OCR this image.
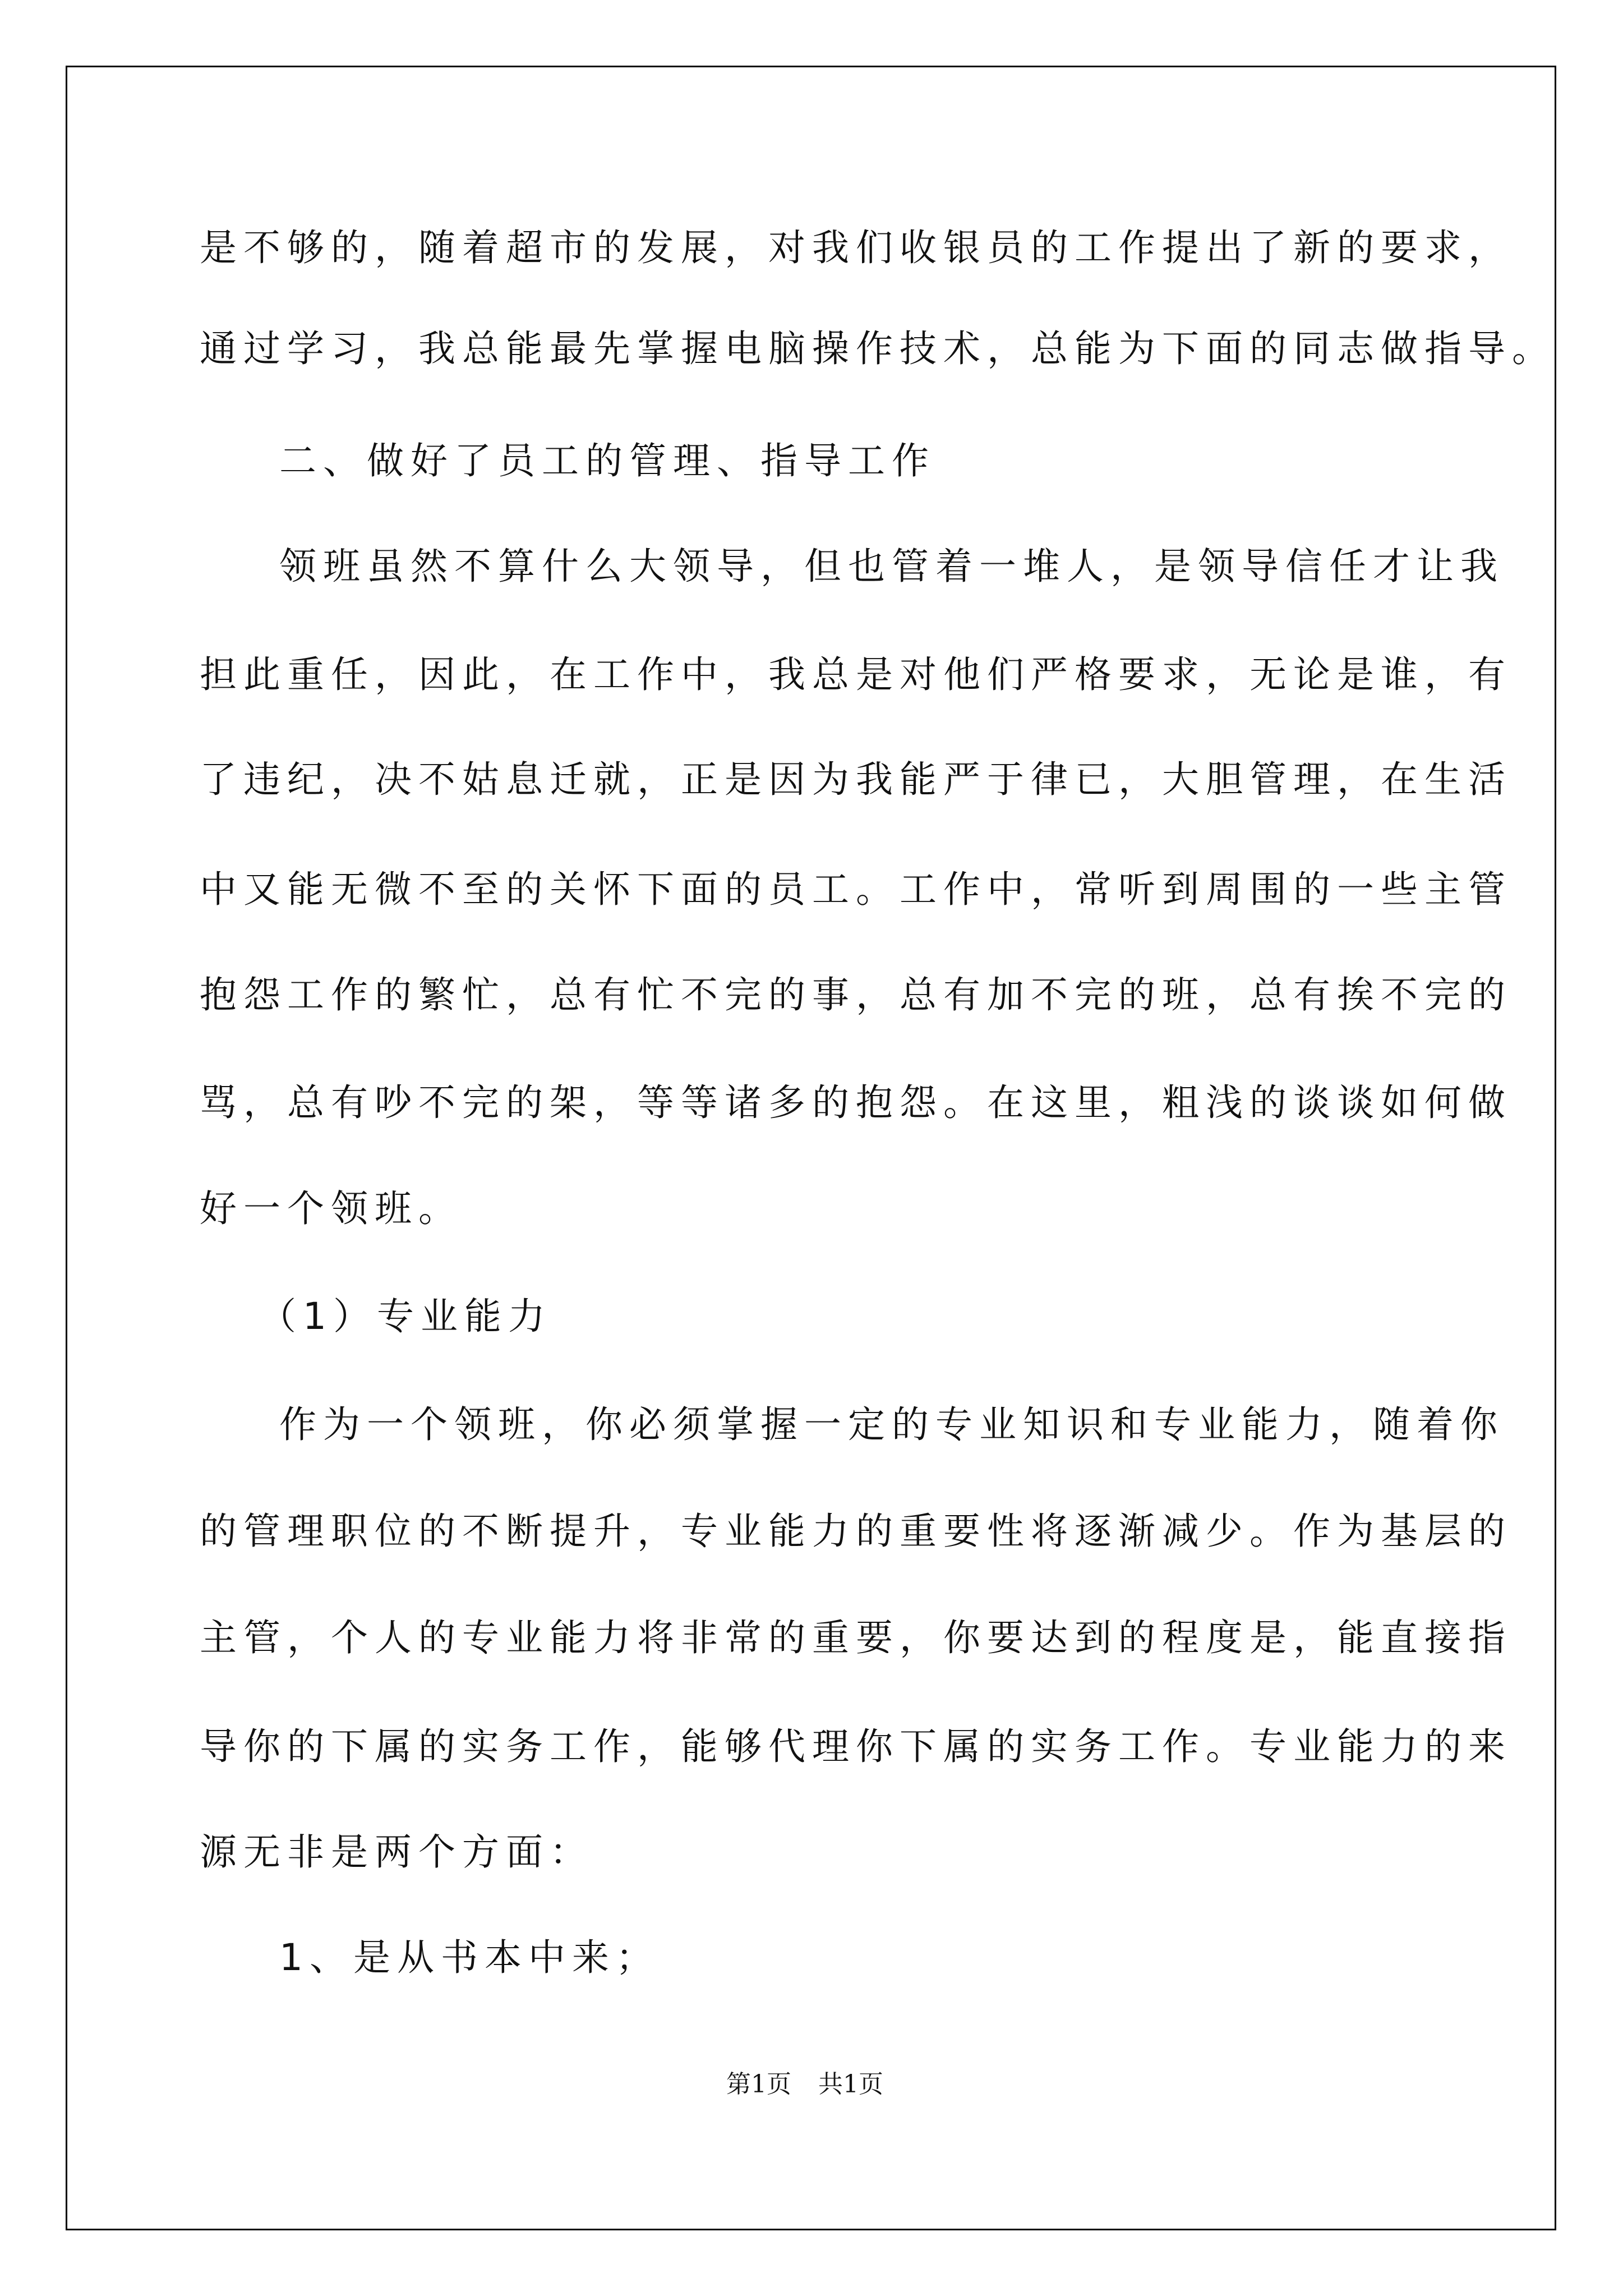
是不够的，随着超市的发展，对我们收银员的工作提出了新的要求，
通过学习，我总能最先掌握电脑操作技术，总能为下面的同志做指导。
二、做好了员工的管理、指导工作
领班虽然不算什么大领导，但也管着一堆人，是领导信任才让我
担此重任，因此，在工作中，我总是对他们严格要求，无论是谁，有
了违纪，决不姑息迁就，正是因为我能严于律已，大胆管理，在生活
中又能无微不至的关怀下面的员工。工作中，常听到周围的一些主管
抱怨工作的繁忙，总有忙不完的事，总有加不完的班，总有挨不完的
骂，总有吵不完的架，等等诸多的抱怨。在这里，粗浅的谈谈如何做
好一个领班。
（1）专业能力
作为一个领班，你必须掌握一定的专业知识和专业能力，随着你
的管理职位的不断提升，专业能力的重要性将逐渐减少。作为基层的
主管，个人的专业能力将非常的重要，你要达到的程度是，能直接指
导你的下属的实务工作，能够代理你下属的实务工作。专业能力的来
源无非是两个方面：
1、是从书本中来；
第1页 共1页
